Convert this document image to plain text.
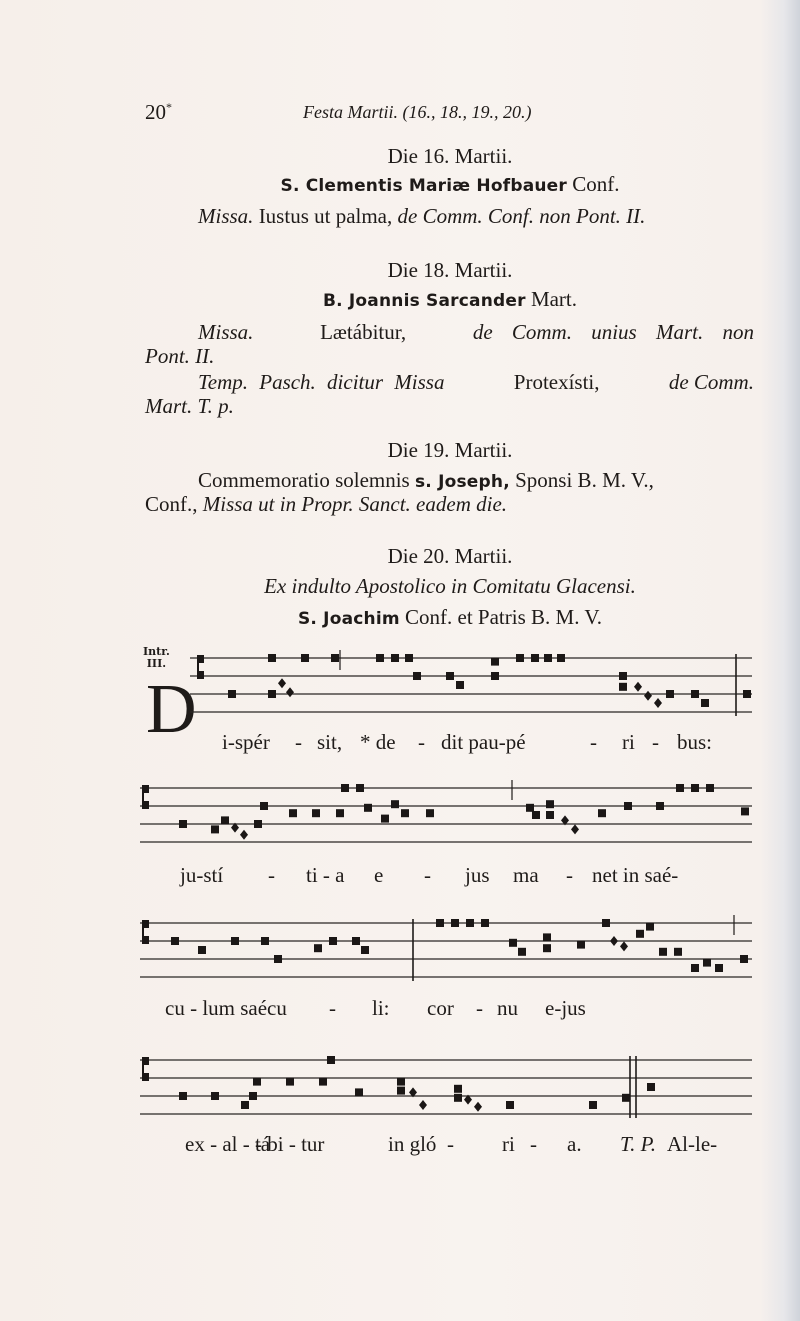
20*	Festa Martii. (16., 18., 19., 20.)
Die 16. Martii.
S. Clementis Mariæ Hofbauer Conf.
Missa. Iustus ut palma, de Comm. Conf. non Pont. II.
Die 18. Martii.
B. Joannis Sarcander Mart.
Missa.	Lætábitur,	de Comm. unius Mart. non
Pont. II.
Temp. Pasch. dicitur Missa	Protexísti,	de Comm.
Mart. T. p.
Die 19. Martii.
Commemoratio solemnis s. Joseph, Sponsi B. M. V.,
Conf., Missa ut in Propr. Sanct. eadem die.
Die 20. Martii.
Ex indulto Apostolico in Comitatu Glacensi.
S. Joachim Conf. et Patris B. M. V.
Intr.
III.
D i-spér - sit, * de - dit pau-pé	- ri - bus:
ju-stí - ti - a e - jus ma - net in saé-
cu - lum saécu - li: cor - nu e-jus
ex - al - tá
- bi - tur	in gló - ri - a. T. P. Al-le-
